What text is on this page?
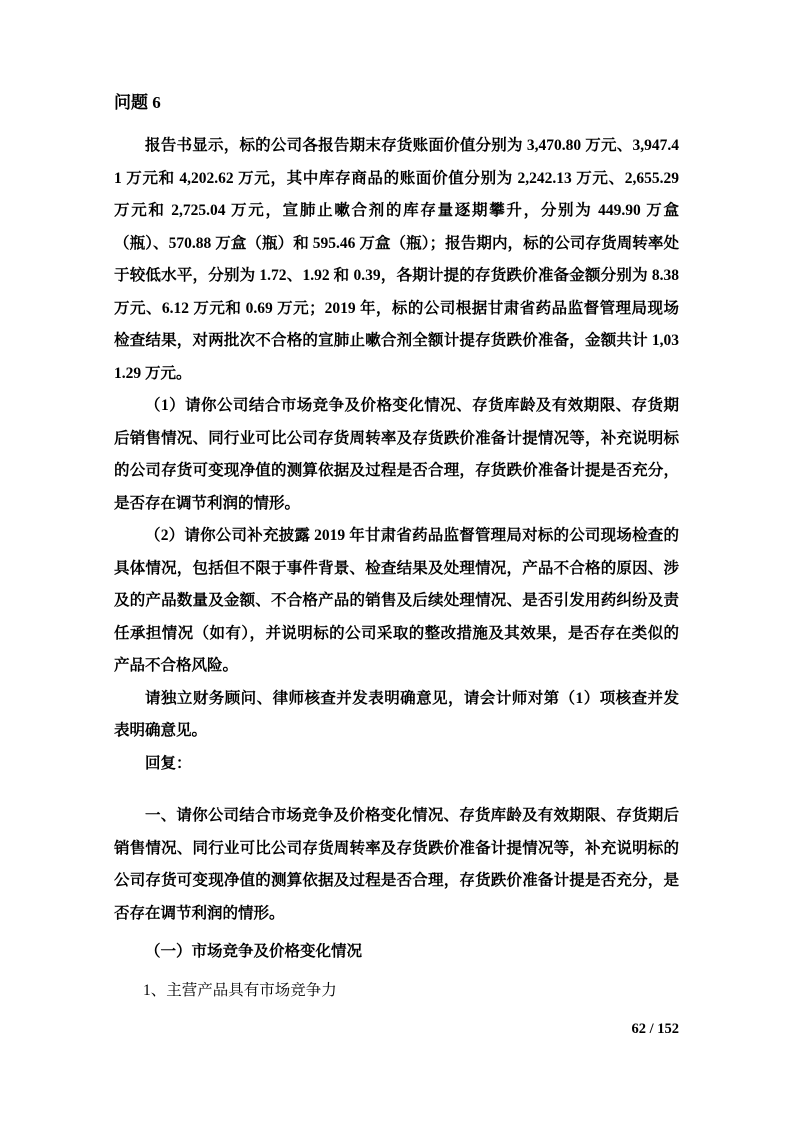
问题 6

报告书显示，标的公司各报告期末存货账面价值分别为 3,470.80 万元、3,947.41 万元和 4,202.62 万元，其中库存商品的账面价值分别为 2,242.13 万元、2,655.29 万元和 2,725.04 万元，宣肺止嗽合剂的库存量逐期攀升，分别为 449.90 万盒（瓶）、570.88 万盒（瓶）和 595.46 万盒（瓶）；报告期内，标的公司存货周转率处于较低水平，分别为 1.72、1.92 和 0.39，各期计提的存货跌价准备金额分别为 8.38 万元、6.12 万元和 0.69 万元；2019 年，标的公司根据甘肃省药品监督管理局现场检查结果，对两批次不合格的宣肺止嗽合剂全额计提存货跌价准备，金额共计 1,031.29 万元。

（1）请你公司结合市场竞争及价格变化情况、存货库龄及有效期限、存货期后销售情况、同行业可比公司存货周转率及存货跌价准备计提情况等，补充说明标的公司存货可变现净值的测算依据及过程是否合理，存货跌价准备计提是否充分，是否存在调节利润的情形。

（2）请你公司补充披露 2019 年甘肃省药品监督管理局对标的公司现场检查的具体情况，包括但不限于事件背景、检查结果及处理情况，产品不合格的原因、涉及的产品数量及金额、不合格产品的销售及后续处理情况、是否引发用药纠纷及责任承担情况（如有），并说明标的公司采取的整改措施及其效果，是否存在类似的产品不合格风险。

请独立财务顾问、律师核查并发表明确意见，请会计师对第（1）项核查并发表明确意见。

回复：

一、请你公司结合市场竞争及价格变化情况、存货库龄及有效期限、存货期后销售情况、同行业可比公司存货周转率及存货跌价准备计提情况等，补充说明标的公司存货可变现净值的测算依据及过程是否合理，存货跌价准备计提是否充分，是否存在调节利润的情形。

（一）市场竞争及价格变化情况

1、主营产品具有市场竞争力

62 / 152
